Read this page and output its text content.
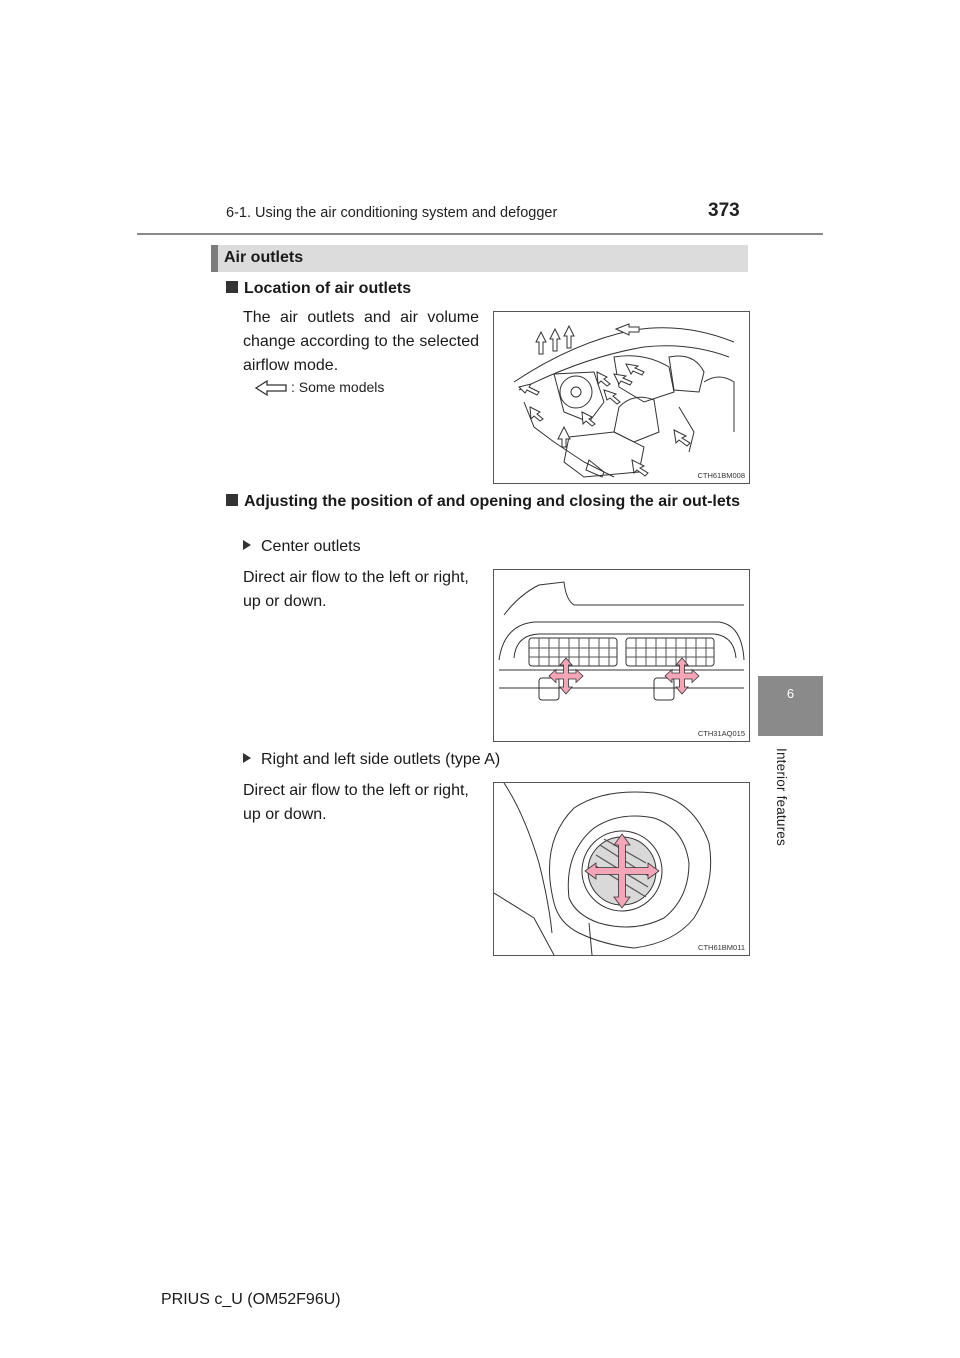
6-1. Using the air conditioning system and defogger	373
6
Interior features
Air outlets
Location of air outlets
The air outlets and air volume change according to the selected airflow mode.
: Some models
CTH61BM008
Adjusting the position of and opening and closing the air out-lets
Center outlets
Direct air flow to the left or right, up or down.
CTH31AQ015
Right and left side outlets (type A)
Direct air flow to the left or right, up or down.
CTH61BM011
PRIUS c_U (OM52F96U)
